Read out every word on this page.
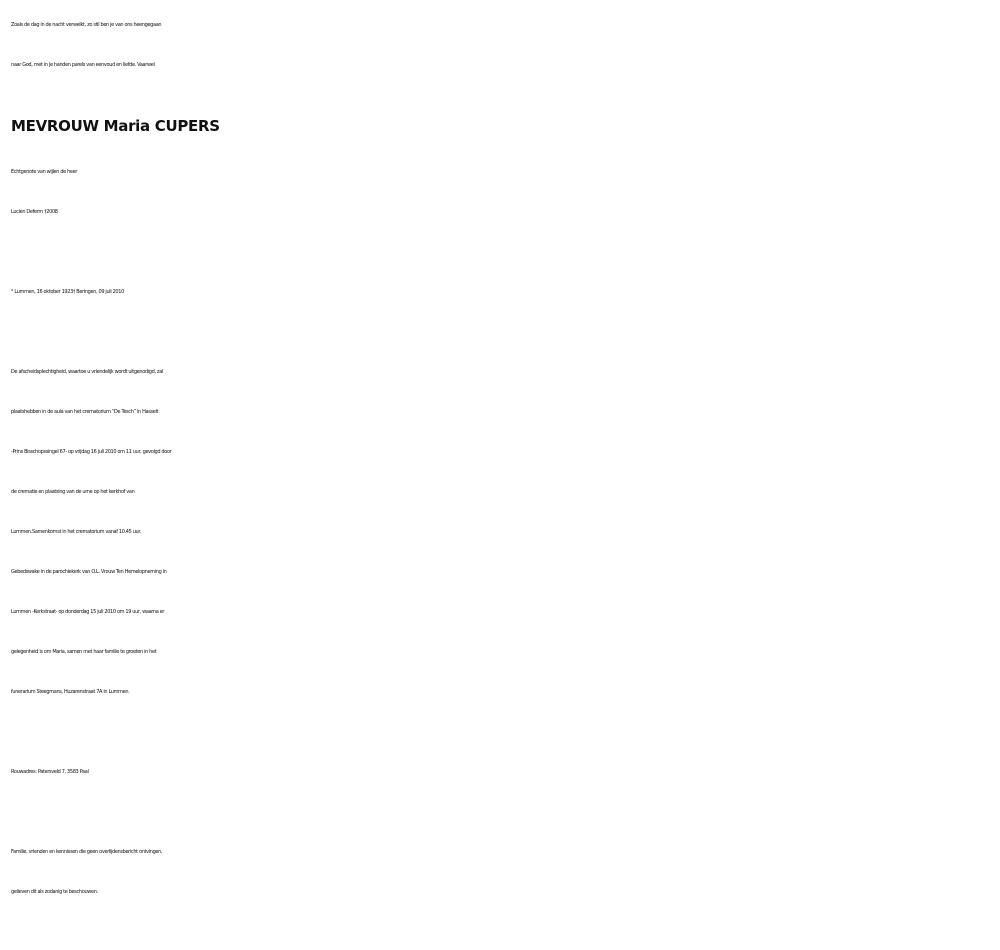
Zoals de dag in de nacht verwelkt, zo stil ben je van ons heengegaan
naar God, met in je handen parels van eenvoud en liefde. Vaarwel
MEVROUW Maria CUPERS
Echtgenote van wijlen de heer
Lucien Deferm †2008
° Lummen, 16 oktober 1923† Beringen, 09 juli 2010
De afscheidsplechtigheid, waartoe u vriendelijk wordt uitgenodigd, zal
plaatshebben in de aula van het crematorium “De Tesch” in Hasselt
-Prins Bisschopssingel 67- op vrijdag 16 juli 2010 om 11 uur, gevolgd door
de crematie en plaatsing van de urne op het kerkhof van
Lummen.Samenkomst in het crematorium vanaf 10.45 uur.
Gebedswake in de parochiekerk van O.L. Vrouw Ten Hemelopneming in
Lummen -Kerkstraat- op donderdag 15 juli 2010 om 19 uur, waarna er
gelegenheid is om Maria, samen met haar familie te groeten in het
funerarium Steegmans, Huzarenstraat 7A in Lummen.
Rouwadres: Patersveld 7, 3583 Paal
Familie, vrienden en kennissen die geen overlijdensbericht ontvingen,
gelieven dit als zodanig te beschouwen.
